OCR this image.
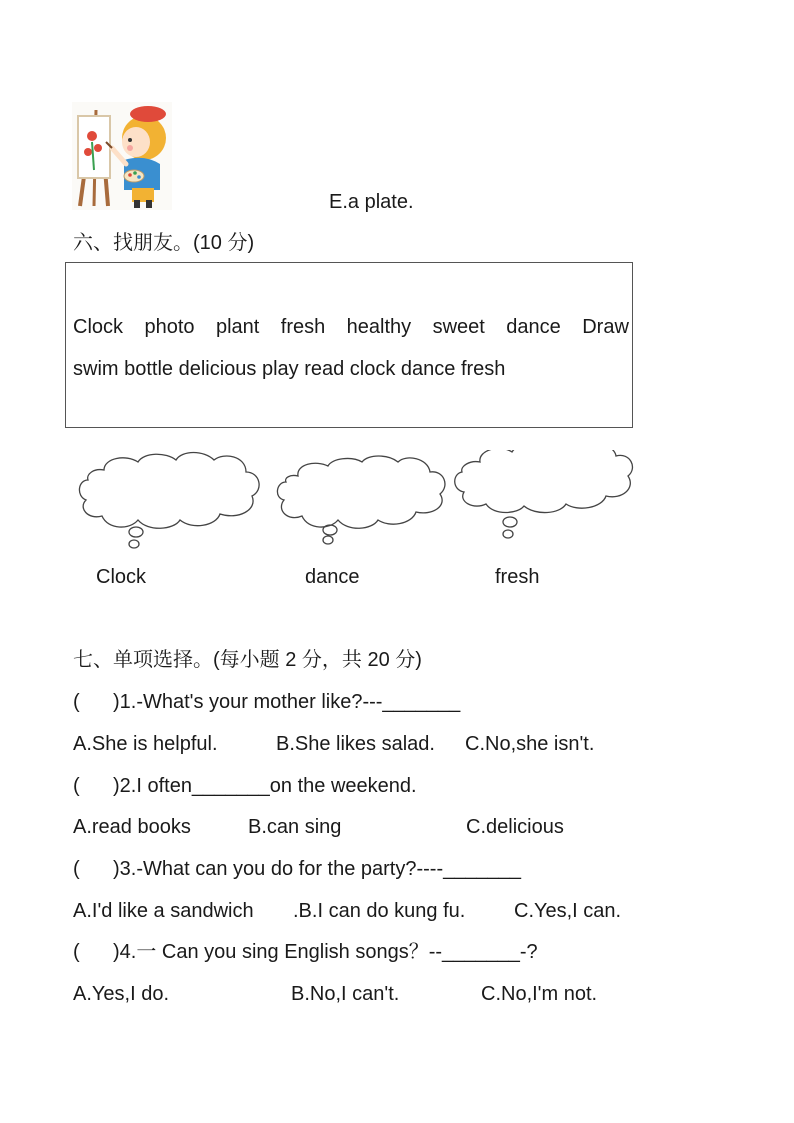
E.a plate.
六、找朋友。(10 分)
Clock photo plant fresh healthy sweet dance Draw
swim bottle delicious play read clock dance fresh
Clock	dance	fresh
七、单项选择。(每小题 2 分，共 20 分)
(      )1.-What's your mother like?---_______
A.She is helpful.	B.She likes salad. C.No,she isn't.
(      )2.I often_______on the weekend.
A.read books	B.can sing	C.delicious
(      )3.-What can you do for the party?----_______
A.I'd like a sandwich .B.I can do kung fu. C.Yes,I can.
(      )4.一 Can you sing English songs？--_______-?
A.Yes,I do.	B.No,I can't.	C.No,I'm not.
